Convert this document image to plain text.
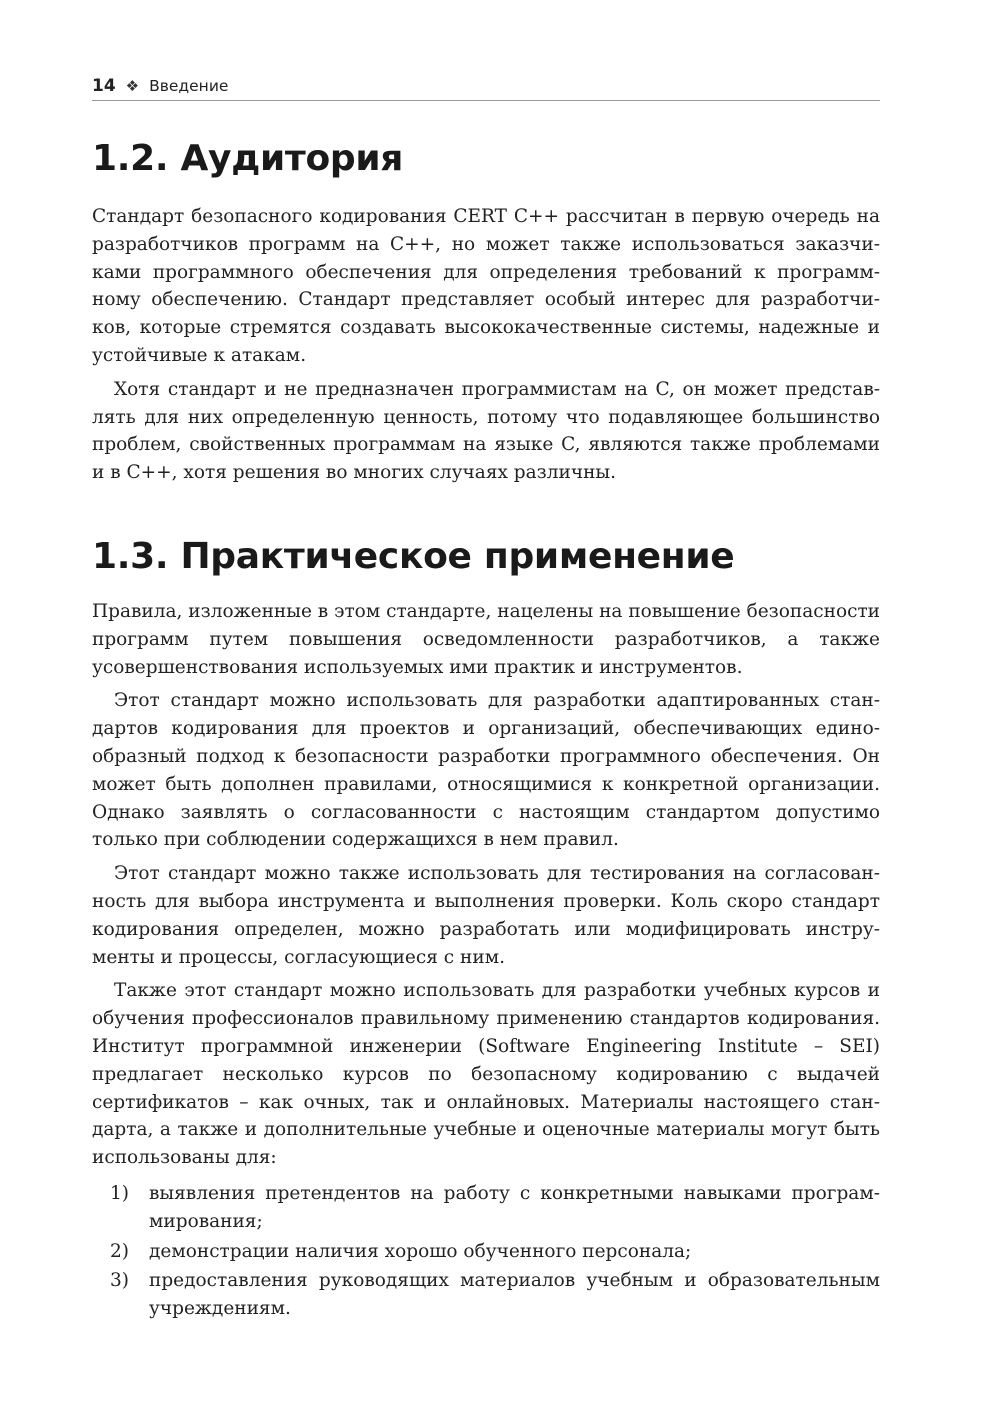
14 ❖ Введение
1.2. Аудитория

Стандарт безопасного кодирования CERT C++ рассчитан в первую очередь на разработчиков программ на C++, но может также использоваться заказчиками программного обеспечения для определения требований к программному обеспечению. Стандарт представляет особый интерес для разработчиков, которые стремятся создавать высококачественные системы, надежные и устойчивые к атакам.

Хотя стандарт и не предназначен программистам на C, он может представлять для них определенную ценность, потому что подавляющее большинство проблем, свойственных программам на языке C, являются также проблемами и в C++, хотя решения во многих случаях различны.

1.3. Практическое применение

Правила, изложенные в этом стандарте, нацелены на повышение безопасности программ путем повышения осведомленности разработчиков, а также усовершенствования используемых ими практик и инструментов.

Этот стандарт можно использовать для разработки адаптированных стандартов кодирования для проектов и организаций, обеспечивающих единообразный подход к безопасности разработки программного обеспечения. Он может быть дополнен правилами, относящимися к конкретной организации. Однако заявлять о согласованности с настоящим стандартом допустимо только при соблюдении содержащихся в нем правил.

Этот стандарт можно также использовать для тестирования на согласованность для выбора инструмента и выполнения проверки. Коль скоро стандарт кодирования определен, можно разработать или модифицировать инструменты и процессы, согласующиеся с ним.

Также этот стандарт можно использовать для разработки учебных курсов и обучения профессионалов правильному применению стандартов кодирования. Институт программной инженерии (Software Engineering Institute – SEI) предлагает несколько курсов по безопасному кодированию с выдачей сертификатов – как очных, так и онлайновых. Материалы настоящего стандарта, а также и дополнительные учебные и оценочные материалы могут быть использованы для:

1) выявления претендентов на работу с конкретными навыками программирования;
2) демонстрации наличия хорошо обученного персонала;
3) предоставления руководящих материалов учебным и образовательным учреждениям.
